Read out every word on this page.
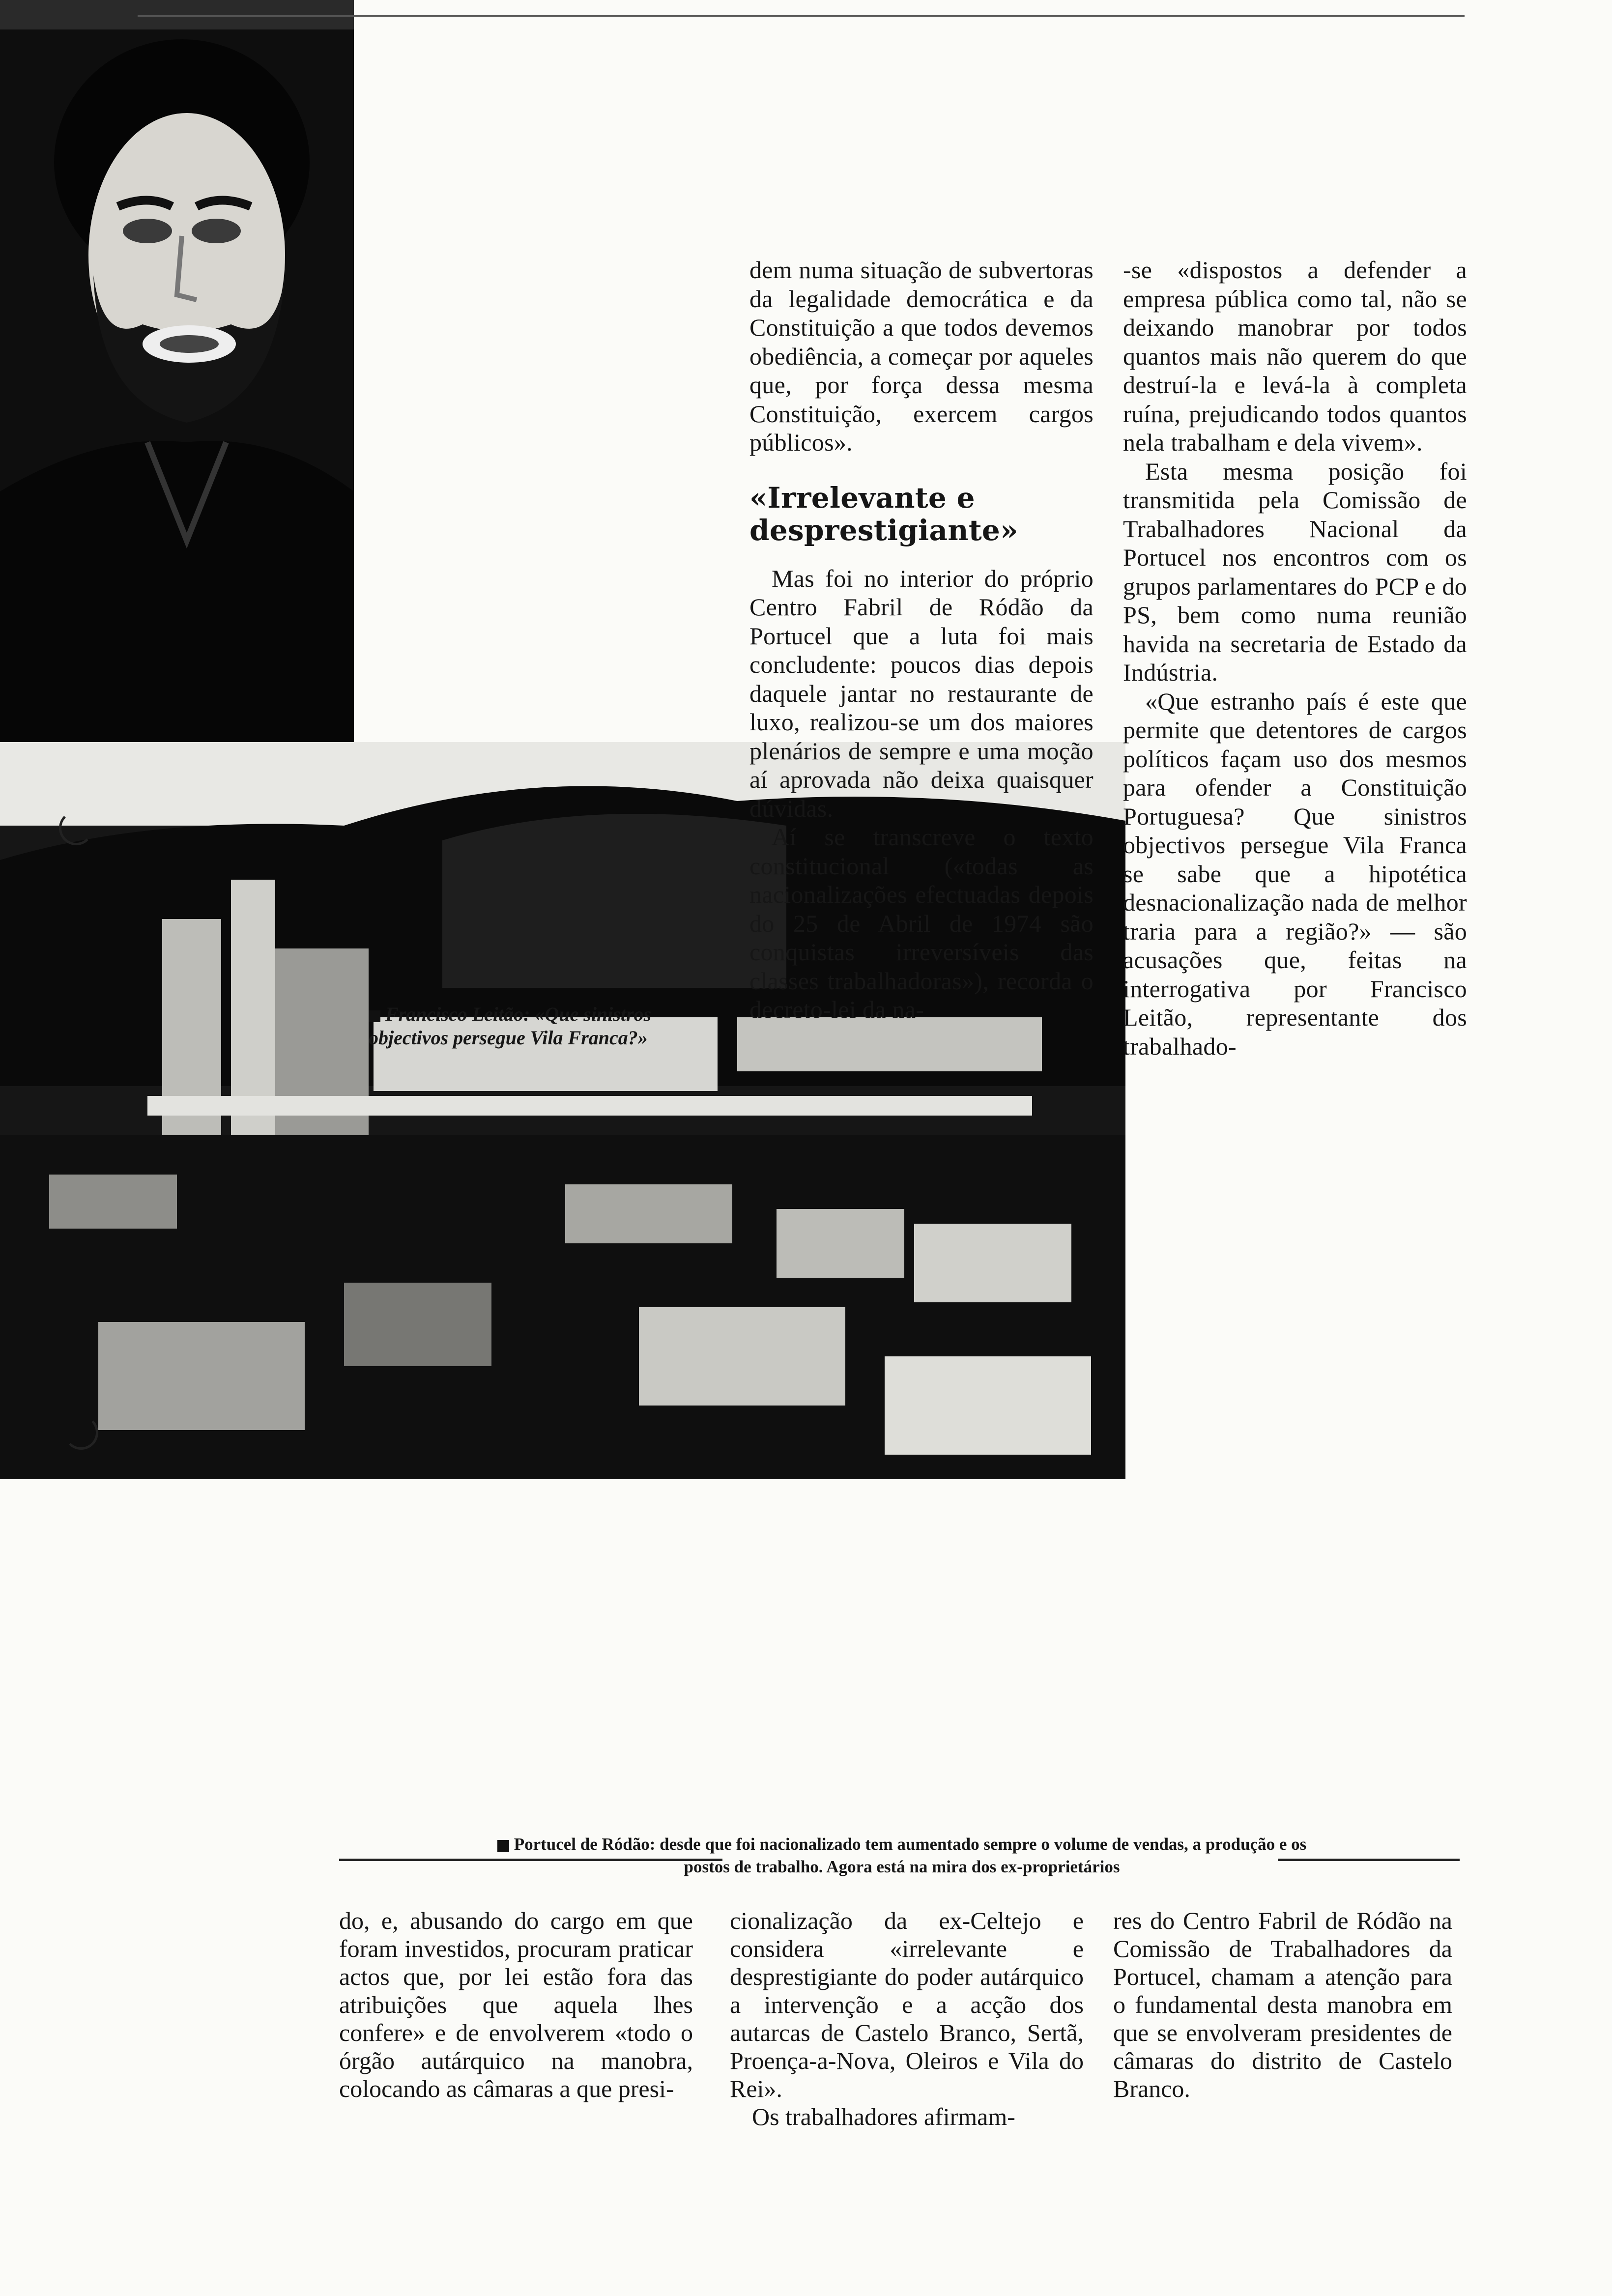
Francisco Leitão: «Que sinistros objectivos persegue Vila Franca?»

dem numa situação de subvertoras da legalidade democrática e da Constituição a que todos devemos obediência, a começar por aqueles que, por força dessa mesma Constituição, exercem cargos públicos».

«Irrelevante e desprestigiante»

Mas foi no interior do próprio Centro Fabril de Ródão da Portucel que a luta foi mais concludente: poucos dias depois daquele jantar no restaurante de luxo, realizou-se um dos maiores plenários de sempre e uma moção aí aprovada não deixa quaisquer dúvidas.

Aí se transcreve o texto constitucional («todas as nacionalizações efectuadas depois do 25 de Abril de 1974 são conquistas irreversíveis das classes trabalhadoras»), recorda o decreto-lei da na-

-se «dispostos a defender a empresa pública como tal, não se deixando manobrar por todos quantos mais não querem do que destruí-la e levá-la à completa ruína, prejudicando todos quantos nela trabalham e dela vivem».

Esta mesma posição foi transmitida pela Comissão de Trabalhadores Nacional da Portucel nos encontros com os grupos parlamentares do PCP e do PS, bem como numa reunião havida na secretaria de Estado da Indústria.

«Que estranho país é este que permite que detentores de cargos políticos façam uso dos mesmos para ofender a Constituição Portuguesa? Que sinistros objectivos persegue Vila Franca se sabe que a hipotética desnacionalização nada de melhor traria para a região?» — são acusações que, feitas na interrogativa por Francisco Leitão, representante dos trabalhado-

Portucel de Ródão: desde que foi nacionalizado tem aumentado sempre o volume de vendas, a produção e os
postos de trabalho. Agora está na mira dos ex-proprietários

do, e, abusando do cargo em que foram investidos, procuram praticar actos que, por lei estão fora das atribuições que aquela lhes confere» e de envolverem «todo o órgão autárquico na manobra, colocando as câmaras a que presi-

cionalização da ex-Celtejo e considera «irrelevante e desprestigiante do poder autárquico a intervenção e a acção dos autarcas de Castelo Branco, Sertã, Proença-a-Nova, Oleiros e Vila do Rei».

Os trabalhadores afirmam-

res do Centro Fabril de Ródão na Comissão de Trabalhadores da Portucel, chamam a atenção para o fundamental desta manobra em que se envolveram presidentes de câmaras do distrito de Castelo Branco.
